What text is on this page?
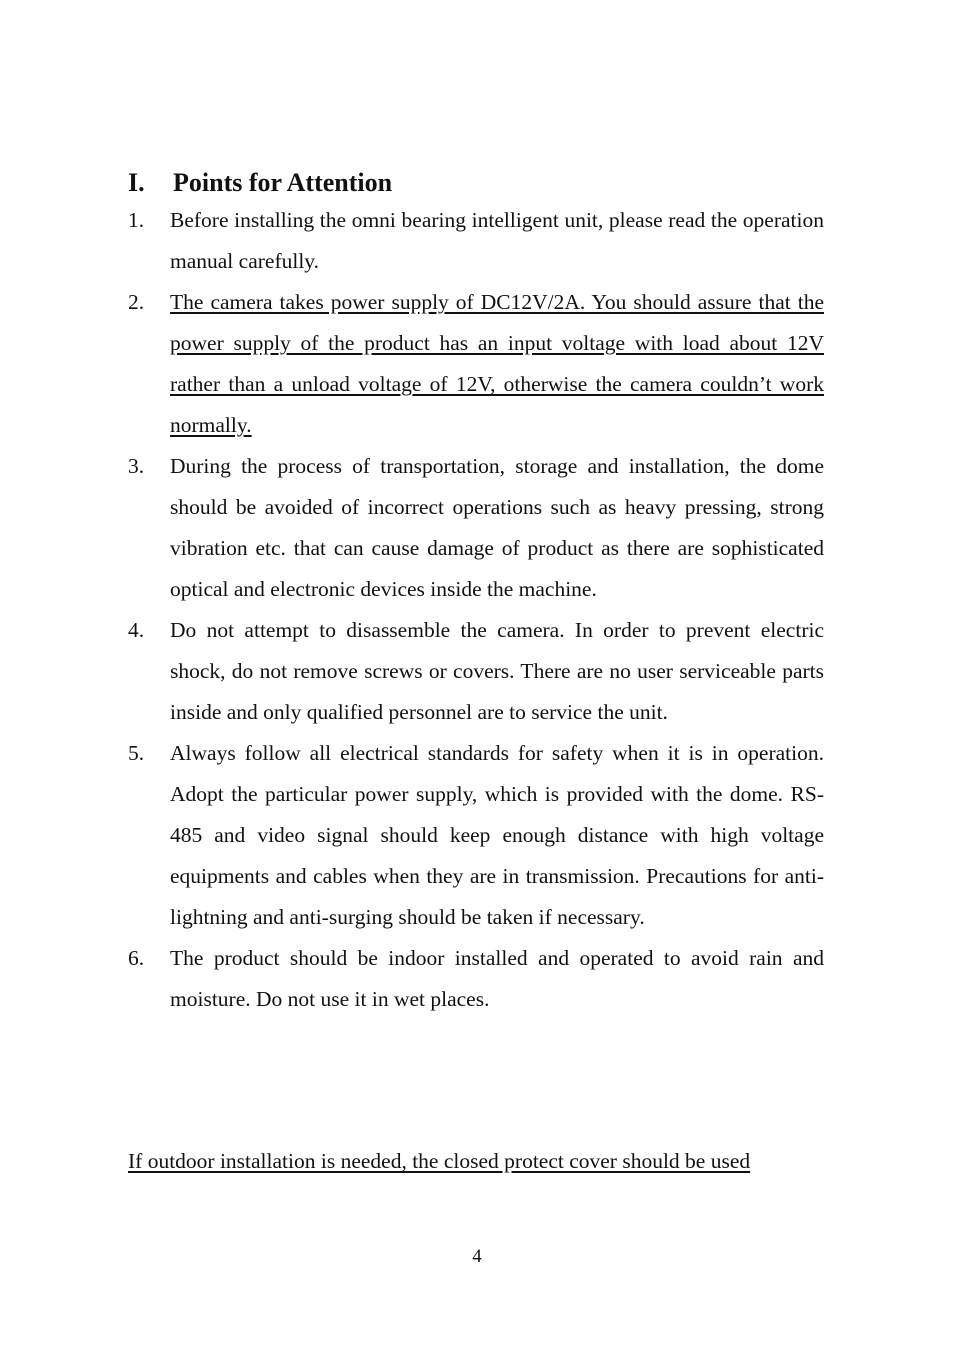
I. Points for Attention
1. Before installing the omni bearing intelligent unit, please read the operation manual carefully.
2. The camera takes power supply of DC12V/2A. You should assure that the power supply of the product has an input voltage with load about 12V rather than a unload voltage of 12V, otherwise the camera couldn’t work normally.
3. During the process of transportation, storage and installation, the dome should be avoided of incorrect operations such as heavy pressing, strong vibration etc. that can cause damage of product as there are sophisticated optical and electronic devices inside the machine.
4. Do not attempt to disassemble the camera. In order to prevent electric shock, do not remove screws or covers. There are no user serviceable parts inside and only qualified personnel are to service the unit.
5. Always follow all electrical standards for safety when it is in operation. Adopt the particular power supply, which is provided with the dome. RS-485 and video signal should keep enough distance with high voltage equipments and cables when they are in transmission. Precautions for anti-lightning and anti-surging should be taken if necessary.
6. The product should be indoor installed and operated to avoid rain and moisture. Do not use it in wet places.
If outdoor installation is needed, the closed protect cover should be used
4
